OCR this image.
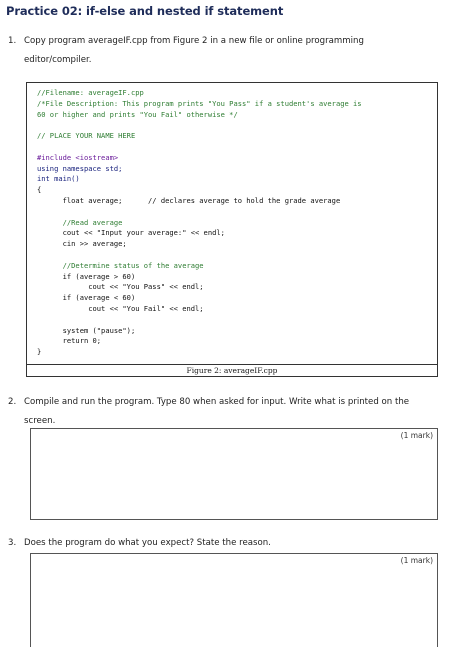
Practice 02: if-else and nested if statement
1. Copy program averageIF.cpp from Figure 2 in a new file or online programming
editor/compiler.
//Filename: averageIF.cpp
/*File Description: This program prints "You Pass" if a student's average is
60 or higher and prints "You Fail" otherwise */
// PLACE YOUR NAME HERE
#include <iostream>
using namespace std;
int main()
{
float average;      // declares average to hold the grade average
//Read average
cout << "Input your average:" << endl;
cin >> average;
//Determine status of the average
if (average > 60)
cout << "You Pass" << endl;
if (average < 60)
cout << "You Fail" << endl;
system ("pause");
return 0;
}
Figure 2: averageIF.cpp
2. Compile and run the program. Type 80 when asked for input. Write what is printed on the
screen.
(1 mark)
3. Does the program do what you expect? State the reason.
(1 mark)
